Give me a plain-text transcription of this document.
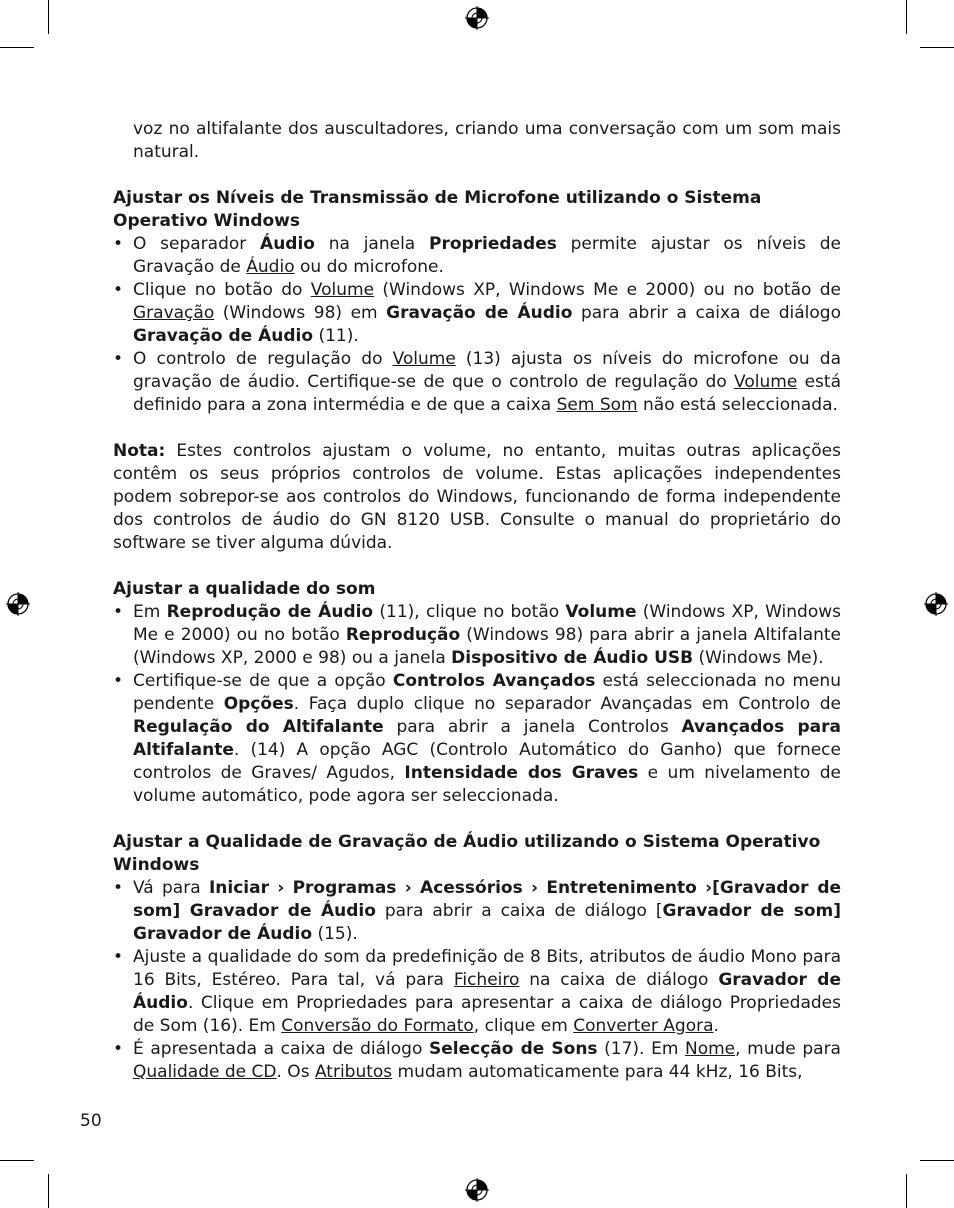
voz no altifalante dos auscultadores, criando uma conversação com um som mais natural.

Ajustar os Níveis de Transmissão de Microfone utilizando o Sistema Operativo Windows

• O separador Áudio na janela Propriedades permite ajustar os níveis de Gravação de Áudio ou do microfone.
• Clique no botão do Volume (Windows XP, Windows Me e 2000) ou no botão de Gravação (Windows 98) em Gravação de Áudio para abrir a caixa de diálogo Gravação de Áudio (11).
• O controlo de regulação do Volume (13) ajusta os níveis do microfone ou da gravação de áudio. Certifique-se de que o controlo de regulação do Volume está definido para a zona intermédia e de que a caixa Sem Som não está seleccionada.

Nota: Estes controlos ajustam o volume, no entanto, muitas outras aplicações contêm os seus próprios controlos de volume. Estas aplicações independentes podem sobrepor-se aos controlos do Windows, funcionando de forma independente dos controlos de áudio do GN 8120 USB. Consulte o manual do proprietário do software se tiver alguma dúvida.

Ajustar a qualidade do som

• Em Reprodução de Áudio (11), clique no botão Volume (Windows XP, Windows Me e 2000) ou no botão Reprodução (Windows 98) para abrir a janela Altifalante (Windows XP, 2000 e 98) ou a janela Dispositivo de Áudio USB (Windows Me).
• Certifique-se de que a opção Controlos Avançados está seleccionada no menu pendente Opções. Faça duplo clique no separador Avançadas em Controlo de Regulação do Altifalante para abrir a janela Controlos Avançados para Altifalante. (14) A opção AGC (Controlo Automático do Ganho) que fornece controlos de Graves/ Agudos, Intensidade dos Graves e um nivelamento de volume automático, pode agora ser seleccionada.

Ajustar a Qualidade de Gravação de Áudio utilizando o Sistema Operativo Windows

• Vá para Iniciar › Programas › Acessórios › Entretenimento ›[Gravador de som] Gravador de Áudio para abrir a caixa de diálogo [Gravador de som] Gravador de Áudio (15).
• Ajuste a qualidade do som da predefinição de 8 Bits, atributos de áudio Mono para 16 Bits, Estéreo. Para tal, vá para Ficheiro na caixa de diálogo Gravador de Áudio. Clique em Propriedades para apresentar a caixa de diálogo Propriedades de Som (16). Em Conversão do Formato, clique em Converter Agora.
• É apresentada a caixa de diálogo Selecção de Sons (17). Em Nome, mude para Qualidade de CD. Os Atributos mudam automaticamente para 44 kHz, 16 Bits,
50
